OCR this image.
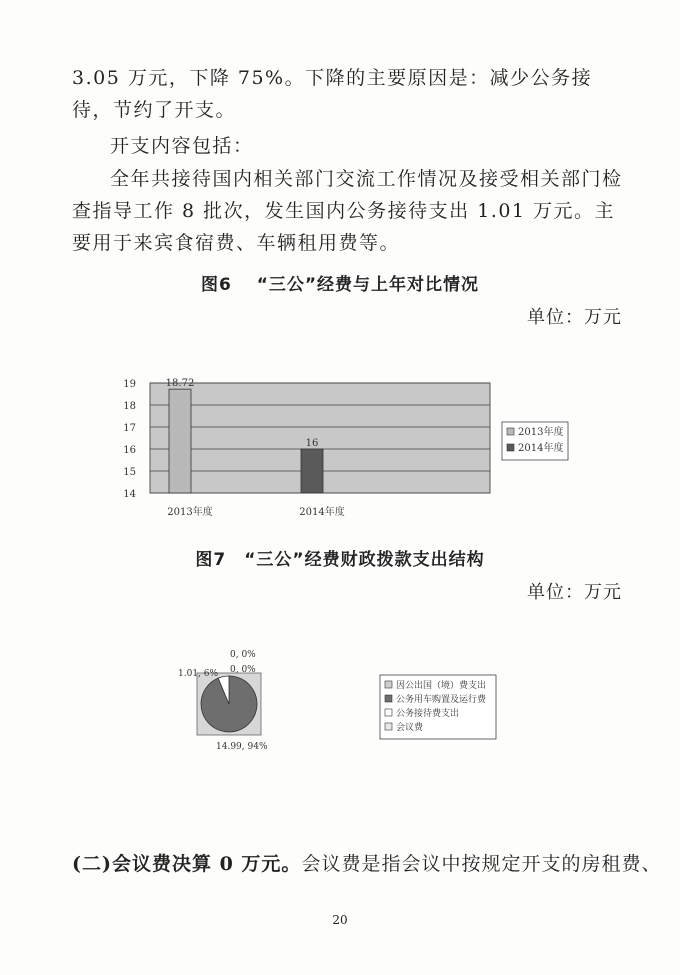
3.05 万元，下降 75%。下降的主要原因是：减少公务接待，节约了开支。

开支内容包括：

全年共接待国内相关部门交流工作情况及接受相关部门检查指导工作 8 批次，发生国内公务接待支出 1.01 万元。主要用于来宾食宿费、车辆租用费等。

图6　 “三公”经费与上年对比情况
单位：万元
19
18
17
16
15
14
18.72
2013年度
16
2014年度
2013年度
2014年度
图7　“三公”经费财政拨款支出结构
单位：万元
0, 0%
14.99, 94%
1.01, 6% 0, 0%
因公出国（境）费支出
公务用车购置及运行费
公务接待费支出
会议费
(二)会议费决算 0 万元。会议费是指会议中按规定开支的房租费、
20
